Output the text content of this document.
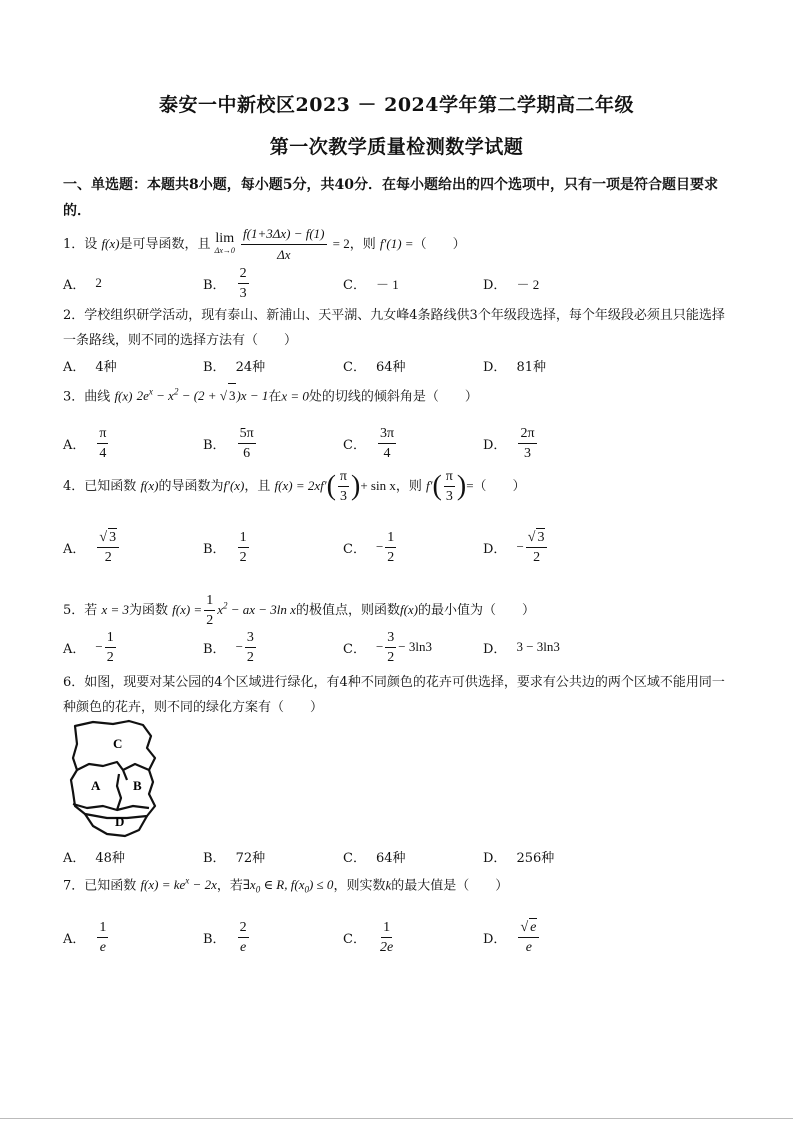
泰安一中新校区2023 － 2024学年第二学期高二年级
第一次教学质量检测数学试题
一、单选题：本题共8小题，每小题5分，共40分．在每小题给出的四个选项中，只有一项是符合题目要求的．
1．设 f(x)是可导函数，且 lim
Δx→0
$\frac{f(1+3\Delta x) - f(1)}{\Delta x} = 2$，则 f′(1) =（　　）
A． 2	B． $\frac{2}{3}$	C． － 1	D． － 2
2．学校组织研学活动，现有泰山、新浦山、天平湖、九女峰4条路线供3个年级段选择，每个年级段必须且只能选择一条路线，则不同的选择方法有（　　）
A． 4种	B． 24种	C． 64种	D． 81种
3．曲线 f(x) $2e^x - x^2 - (2$ + √ 3)x − 1在x = 0处的切线的倾斜角是（　　）
A． $\frac{\pi}{4}$	B． $\frac{5\pi}{6}$	C． $\frac{3\pi}{4}$	D． $\frac{2\pi}{3}$
4．已知函数 f(x)的导函数为f′(x)，且 $f(x) = 2xf'( \frac{\pi}{3}$ )+ sin x，则 $f'( \frac{\pi}{3}$ )=（　　）
A． $\frac{√ 3}{2}$	B． $\frac{1}{2}$	C． − $\frac{1}{2}$	D． − $\frac{√ 3}{2}$
5．若 x = 3为函数 $f(x) = \frac{1}{2} x^2$ − ax − 3ln x的极值点，则函数f(x)的最小值为（　　）
A． − $\frac{1}{2}$	B． − $\frac{3}{2}$	C． − $\frac{3}{2} - 3\ln 3$	D． 3 − 3ln3
6．如图，现要对某公园的4个区域进行绿化，有4种不同颜色的花卉可供选择，要求有公共边的两个区域不能用同一种颜色的花卉，则不同的绿化方案有（　　）
C
A	B
D
A． 48种	B． 72种	C． 64种	D． 256种
7．已知函数 $f(x) = ke^x - 2x$，若$\exists x_0$ ∈ R, $f(x_0) \le 0$，则实数k的最大值是（　　）
A． $\frac{1}{e}$	B． $\frac{2}{e}$	C． $\frac{1}{2e}$	D． $\frac{√ e}{e}$
